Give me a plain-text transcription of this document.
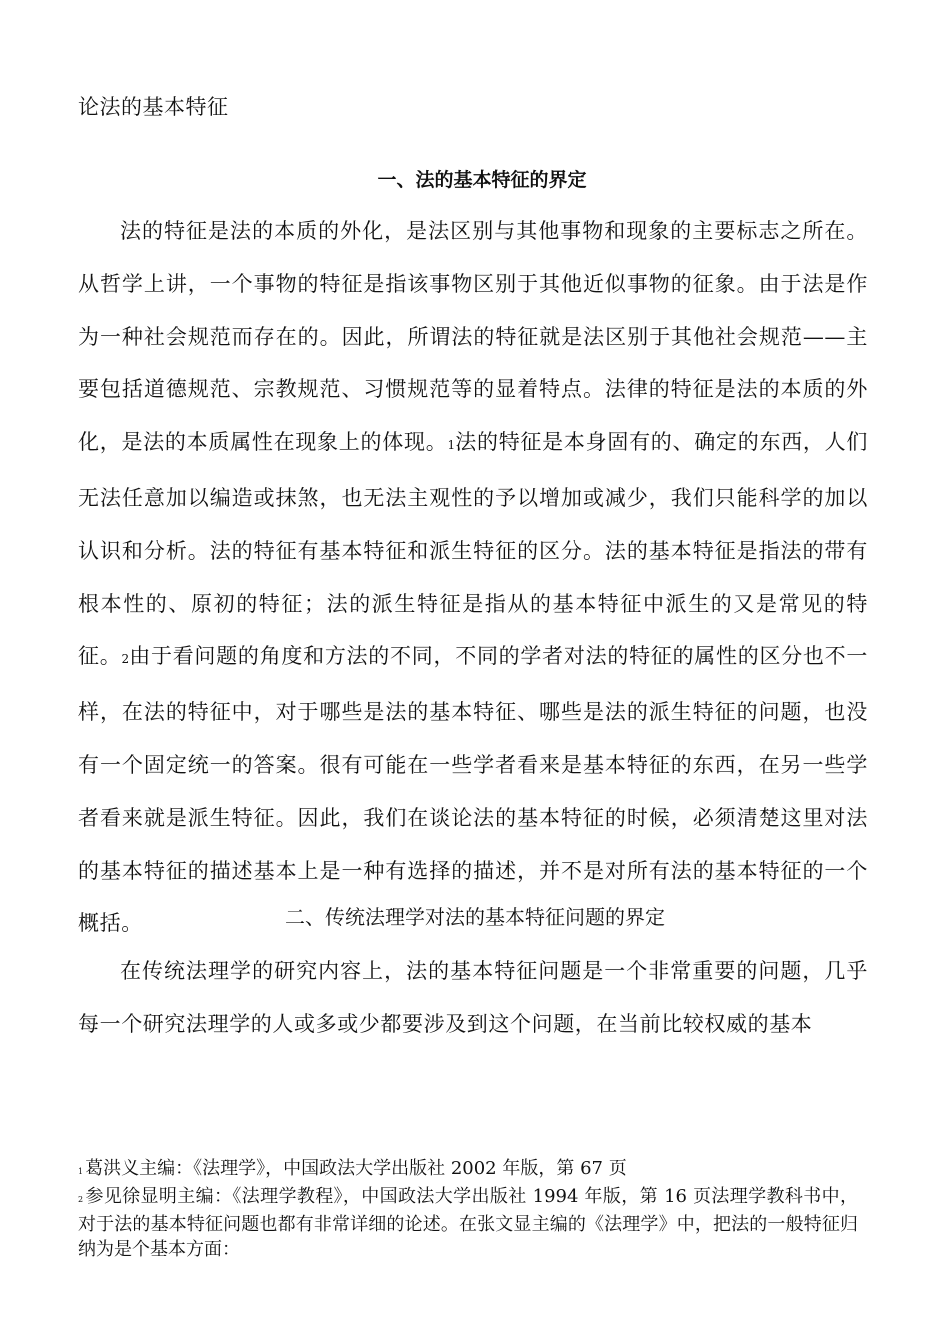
论法的基本特征
一、法的基本特征的界定

法的特征是法的本质的外化，是法区别与其他事物和现象的主要标志之所在。从哲学上讲，一个事物的特征是指该事物区别于其他近似事物的征象。由于法是作为一种社会规范而存在的。因此，所谓法的特征就是法区别于其他社会规范——主要包括道德规范、宗教规范、习惯规范等的显着特点。法律的特征是法的本质的外化，是法的本质属性在现象上的体现。1法的特征是本身固有的、确定的东西，人们无法任意加以编造或抹煞，也无法主观性的予以增加或减少，我们只能科学的加以认识和分析。法的特征有基本特征和派生特征的区分。法的基本特征是指法的带有根本性的、原初的特征；法的派生特征是指从的基本特征中派生的又是常见的特征。2由于看问题的角度和方法的不同，不同的学者对法的特征的属性的区分也不一样，在法的特征中，对于哪些是法的基本特征、哪些是法的派生特征的问题，也没有一个固定统一的答案。很有可能在一些学者看来是基本特征的东西，在另一些学者看来就是派生特征。因此，我们在谈论法的基本特征的时候，必须清楚这里对法的基本特征的描述基本上是一种有选择的描述，并不是对所有法的基本特征的一个概括。	二、传统法理学对法的基本特征问题的界定

在传统法理学的研究内容上，法的基本特征问题是一个非常重要的问题，几乎每一个研究法理学的人或多或少都要涉及到这个问题，在当前比较权威的基本

1 葛洪义主编：《法理学》，中国政法大学出版社 2002 年版，第 67 页

2 参见徐显明主编：《法理学教程》，中国政法大学出版社 1994 年版，第 16 页法理学教科书中，对于法的基本特征问题也都有非常详细的论述。在张文显主编的《法理学》中，把法的一般特征归纳为是个基本方面：
